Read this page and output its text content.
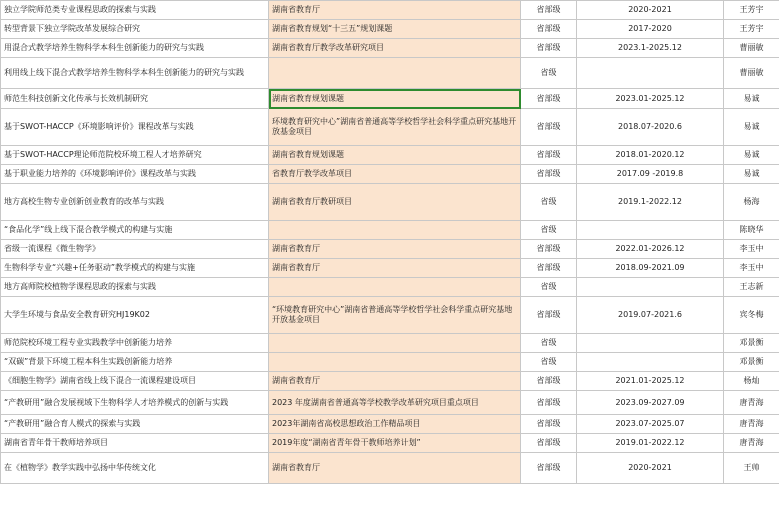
独立学院师范类专业课程思政的探索与实践	湖南省教育厅	省部级	2020-2021	王芳宇
转型背景下独立学院改革发展综合研究	湖南省教育规划“十三五”规划课题	省部级	2017-2020	王芳宇
用混合式教学培养生物科学本科生创新能力的研究与实践	湖南省教育厅教学改革研究项目	省部级	2023.1-2025.12	曹丽敏
利用线上线下混合式教学培养生物科学本科生创新能力的研究与实践		省级		曹丽敏
师范生科技创新文化传承与长效机制研究	湖南省教育规划课题	省部级	2023.01-2025.12	易诚
基于SWOT-HACCP《环境影响评价》课程改革与实践	环境教育研究中心”湖南省普通高等学校哲学社会科学重点研究基地开放基金项目	省部级	2018.07-2020.6	易诚
基于SWOT-HACCP理论师范院校环境工程人才培养研究	湖南省教育规划课题	省部级	2018.01-2020.12	易诚
基于职业能力培养的《环境影响评价》课程改革与实践	省教育厅教学改革项目	省部级	2017.09 -2019.8	易诚
地方高校生物专业创新创业教育的改革与实践	湖南省教育厅教研项目	省级	2019.1-2022.12	杨海
“食品化学”线上线下混合教学模式的构建与实施		省级		陈晓华
省级一流课程《微生物学》	湖南省教育厅	省部级	2022.01-2026.12	李玉中
生物科学专业“兴趣+任务驱动”教学模式的构建与实施	湖南省教育厅	省部级	2018.09-2021.09	李玉中
地方高师院校植物学课程思政的探索与实践		省级		王志新
大学生环境与食品安全教育研究HJ19K02	“环境教育研究中心”湖南省普通高等学校哲学社会科学重点研究基地开放基金项目	省部级	2019.07-2021.6	宾冬梅
师范院校环境工程专业实践教学中创新能力培养		省级		邓景衡
“双碳”背景下环境工程本科生实践创新能力培养		省级		邓景衡
《细胞生物学》湖南省线上线下混合一流课程建设项目	湖南省教育厅	省部级	2021.01-2025.12	杨灿
“产教研用”融合发展视域下生物科学人才培养模式的创新与实践	2023 年度湖南省普通高等学校教学改革研究项目重点项目	省部级	2023.09-2027.09	唐青海
“产教研用”融合育人模式的探索与实践	2023年湖南省高校思想政治工作精品项目	省部级	2023.07-2025.07	唐青海
湖南省青年骨干教师培养项目	2019年度“湖南省青年骨干教师培养计划”	省部级	2019.01-2022.12	唐青海
在《植物学》教学实践中弘扬中华传统文化	湖南省教育厅	省部级	2020-2021	王帅
